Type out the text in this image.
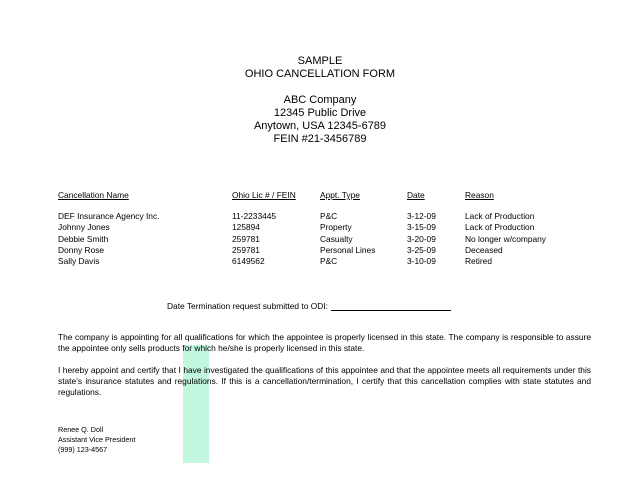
SAMPLE
OHIO CANCELLATION FORM
ABC Company
12345 Public Drive
Anytown, USA 12345-6789
FEIN #21-3456789
Cancellation Name	Ohio Lic # / FEIN	Appt. Type	Date	Reason

DEF Insurance Agency Inc.	11-2233445	P&C	3-12-09	Lack of Production
Johnny Jones	125894	Property	3-15-09	Lack of Production
Debbie Smith	259781	Casualty	3-20-09	No longer w/company
Donny Rose	259781	Personal Lines	3-25-09	Deceased
Sally Davis	6149562	P&C	3-10-09	Retired
Date Termination request submitted to ODI:
The company is appointing for all qualifications for which the appointee is properly licensed in this state. The company is responsible to assure the appointee only sells products for which he/she is properly licensed in this state.
I hereby appoint and certify that I have investigated the qualifications of this appointee and that the appointee meets all requirements under this state’s insurance statutes and regulations. If this is a cancellation/termination, I certify that this cancellation complies with state statutes and regulations.
Renee Q. Doll
Assistant Vice President
(999) 123-4567
